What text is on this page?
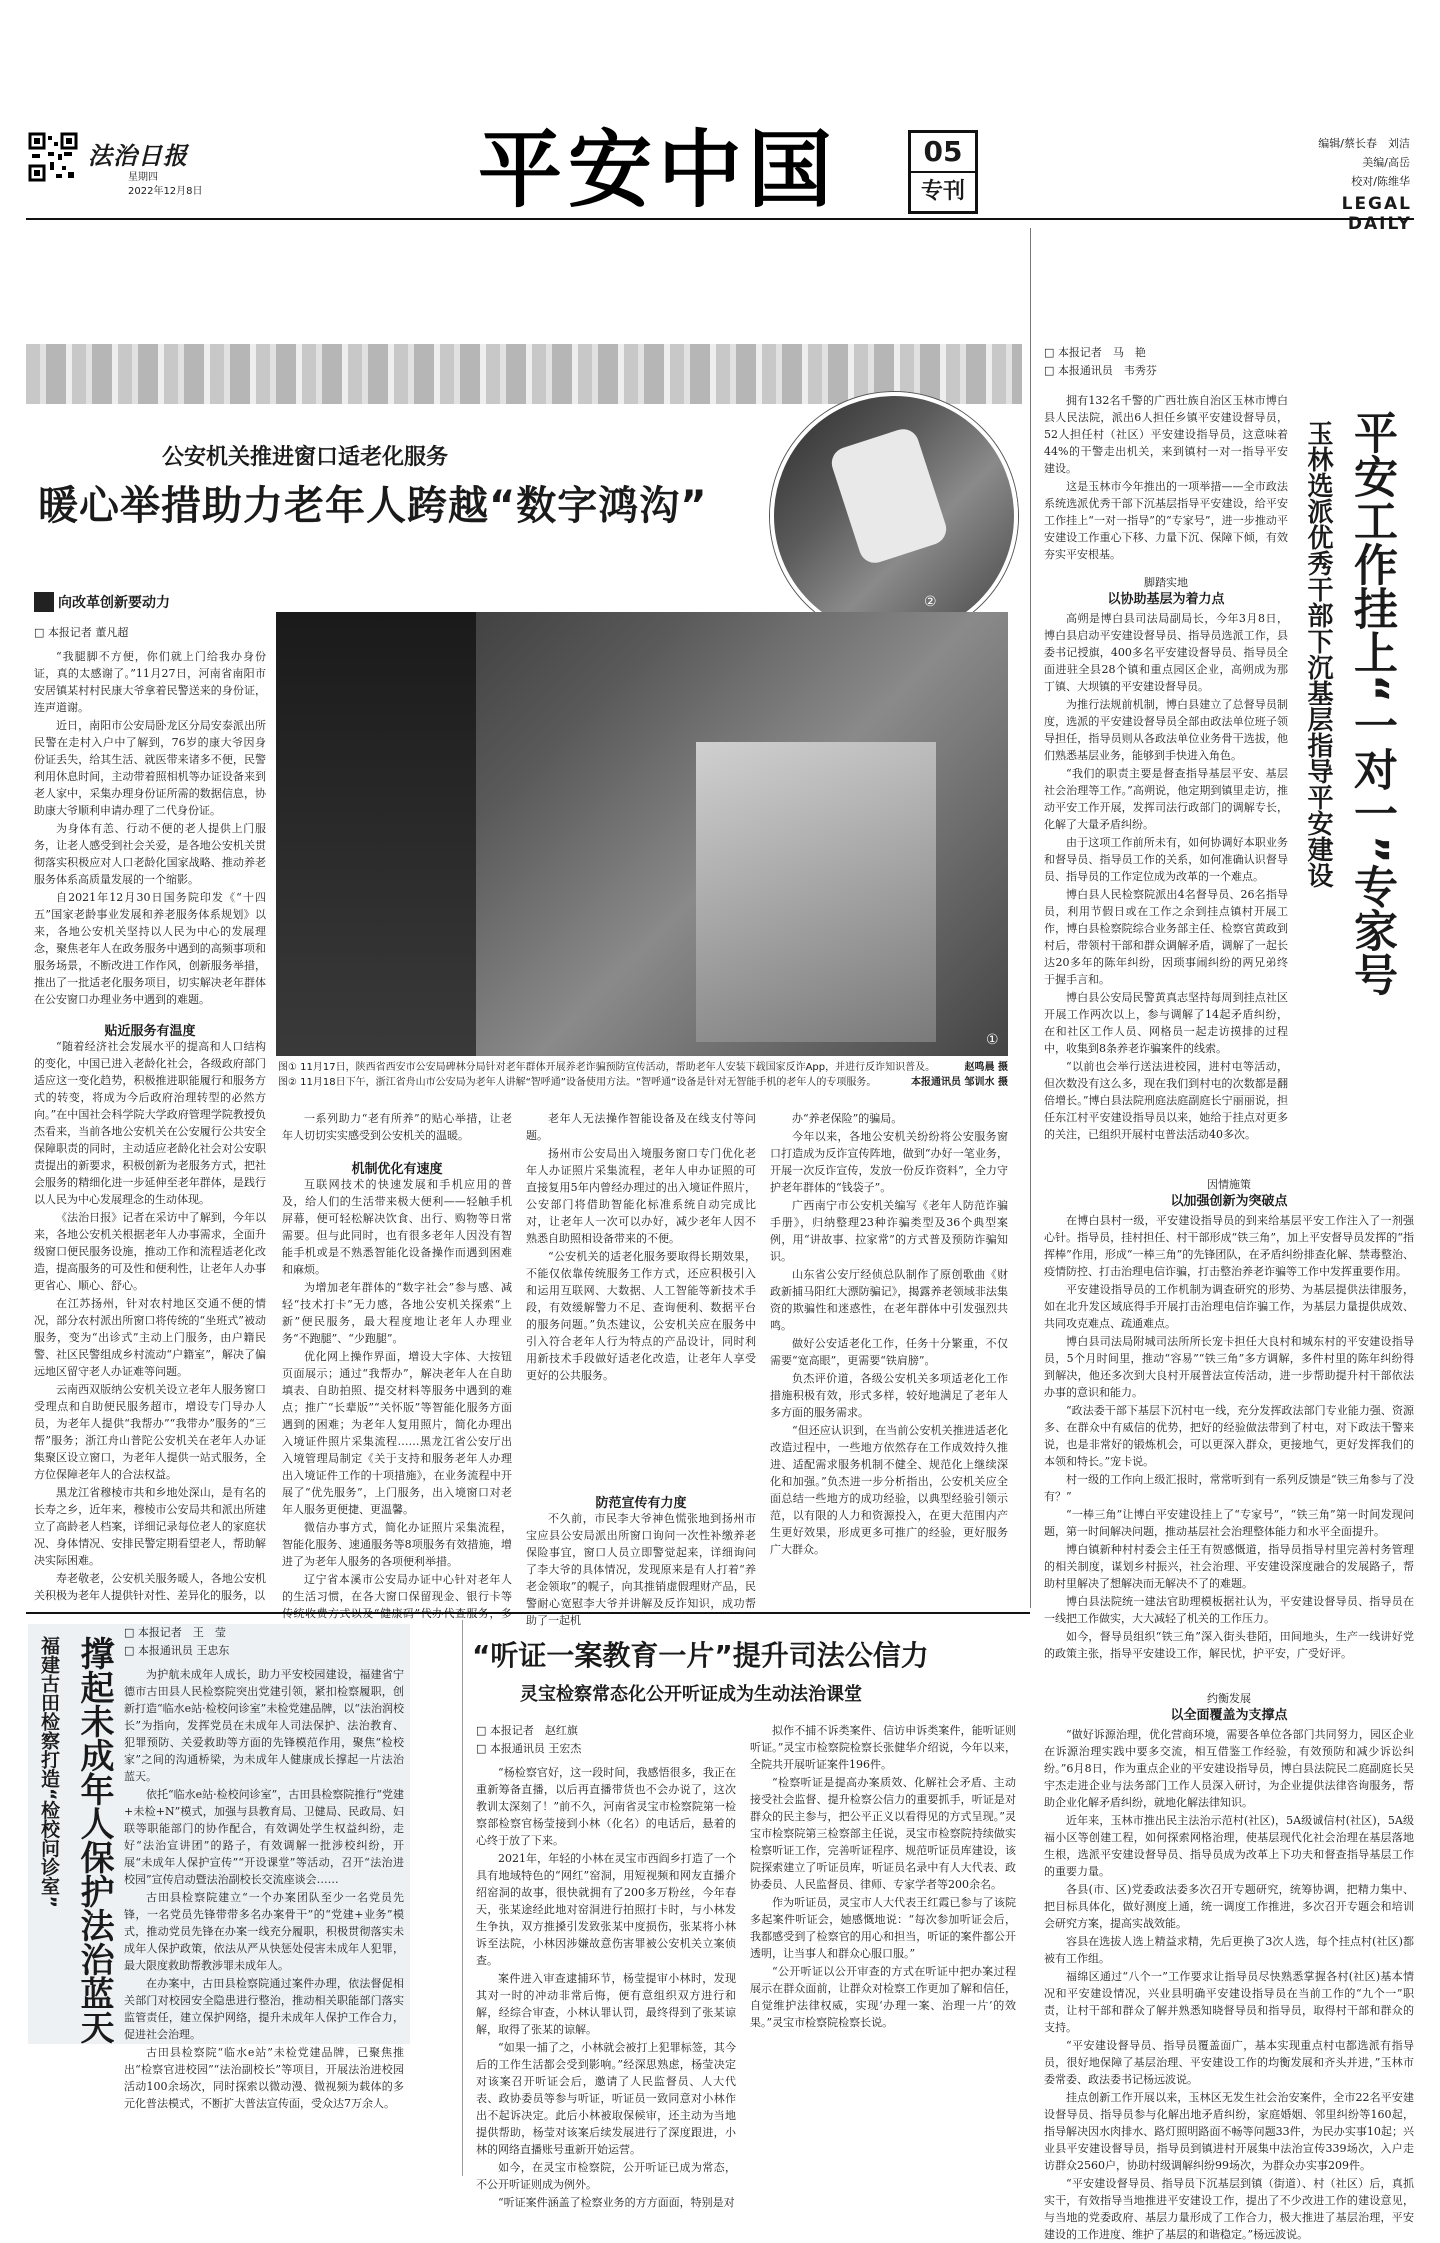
法治日报
星期四
2022年12月8日	平安中国	05
专刊
编辑/蔡长春　刘洁
美编/高岳
校对/陈维华
LEGAL DAILY
公安机关推进窗口适老化服务
暖心举措助力老年人跨越“数字鸿沟”
②
向改革创新要动力
□ 本报记者 董凡超
①
图① 11月17日，陕西省西安市公安局碑林分局针对老年群体开展养老诈骗预防宣传活动，帮助老年人安装下载国家反诈App，并进行反诈知识普及。	赵鸣晨 摄
图② 11月18日下午，浙江省舟山市公安局为老年人讲解“智呼通”设备使用方法。“智呼通”设备是针对无智能手机的老年人的专项服务。	本报通讯员 邹训水 摄

“我腿脚不方便，你们就上门给我办身份证，真的太感谢了。”11月27日，河南省南阳市安居镇某村村民康大爷拿着民警送来的身份证，连声道谢。

近日，南阳市公安局卧龙区分局安泰派出所民警在走村入户中了解到，76岁的康大爷因身份证丢失，给其生活、就医带来诸多不便，民警利用休息时间，主动带着照相机等办证设备来到老人家中，采集办理身份证所需的数据信息，协助康大爷顺利申请办理了二代身份证。

为身体有恙、行动不便的老人提供上门服务，让老人感受到社会关爱，是各地公安机关贯彻落实积极应对人口老龄化国家战略、推动养老服务体系高质量发展的一个缩影。

自2021年12月30日国务院印发《“十四五”国家老龄事业发展和养老服务体系规划》以来，各地公安机关坚持以人民为中心的发展理念，聚焦老年人在政务服务中遇到的高频事项和服务场景，不断改进工作作风，创新服务举措，推出了一批适老化服务项目，切实解决老年群体在公安窗口办理业务中遇到的难题。

贴近服务有温度

“随着经济社会发展水平的提高和人口结构的变化，中国已进入老龄化社会，各级政府部门适应这一变化趋势，积极推进职能履行和服务方式的转变，将成为今后政府治理转型的必然方向。”在中国社会科学院大学政府管理学院教授负杰看来，当前各地公安机关在公安履行公共安全保障职责的同时，主动适应老龄化社会对公安职责提出的新要求，积极创新为老服务方式，把社会服务的精细化进一步延伸至老年群体，是践行以人民为中心发展理念的生动体现。

《法治日报》记者在采访中了解到，今年以来，各地公安机关根据老年人办事需求，全面升级窗口便民服务设施，推动工作和流程适老化改造，提高服务的可及性和便利性，让老年人办事更省心、顺心、舒心。

在江苏扬州，针对农村地区交通不便的情况，部分农村派出所窗口将传统的“坐班式”被动服务，变为“出诊式”主动上门服务，由户籍民警、社区民警组成乡村流动“户籍室”，解决了偏远地区留守老人办证难等问题。

云南西双版纳公安机关设立老年人服务窗口受理点和自助便民服务超市，增设专门导办人员，为老年人提供“我帮办”“我带办”服务的“三帮”服务；浙江舟山普陀公安机关在老年人办证集聚区设立窗口，为老年人提供一站式服务，全方位保障老年人的合法权益。

黑龙江省穆棱市共和乡地处深山，是有名的长寿之乡，近年来，穆棱市公安局共和派出所建立了高龄老人档案，详细记录每位老人的家庭状况、身体情况、安排民警定期看望老人，帮助解决实际困难。

寿老敬老，公安机关服务暖人，各地公安机关积极为老年人提供针对性、差异化的服务，以

一系列助力“老有所养”的贴心举措，让老年人切切实实感受到公安机关的温暖。

机制优化有速度

互联网技术的快速发展和手机应用的普及，给人们的生活带来极大便利——轻触手机屏幕，便可轻松解决饮食、出行、购物等日常需要。但与此同时，也有很多老年人因没有智能手机或是不熟悉智能化设备操作而遇到困难和麻烦。

为增加老年群体的“数字社会”参与感、减轻“技术打卡”无力感，各地公安机关探索“上新”便民服务，最大程度地让老年人办理业务“不跑腿”、“少跑腿”。

优化网上操作界面，增设大字体、大按钮页面展示；通过“我帮办”，解决老年人在自助填表、自助拍照、提交材料等服务中遇到的难点；推广“长辈版”“关怀版”等智能化服务方面遇到的困难；为老年人复用照片，简化办理出入境证件照片采集流程……黑龙江省公安厅出入境管理局制定《关于支持和服务老年人办理出入境证件工作的十项措施》，在业务流程中开展了“优先服务”，上门服务，出入境窗口对老年人服务更便捷、更温馨。

微信办事方式，简化办证照片采集流程，智能化服务、速通服务等8项服务有效措施，增进了为老年人服务的各项便利举措。

辽宁省本溪市公安局办证中心针对老年人的生活习惯，在各大窗口保留现金、银行卡等传统收费方式以及“健康码”代办代查服务，多

老年人无法操作智能设备及在线支付等问题。

扬州市公安局出入境服务窗口专门优化老年人办证照片采集流程，老年人申办证照的可直接复用5年内曾经办理过的出入境证件照片，公安部门将借助智能化标准系统自动完成比对，让老年人一次可以办好，减少老年人因不熟悉自助照相设备带来的不便。

“公安机关的适老化服务要取得长期效果，不能仅依靠传统服务工作方式，还应积极引入和运用互联网、大数据、人工智能等新技术手段，有效缓解警力不足、查询便利、数据平台的服务问题。”负杰建议，公安机关应在服务中引入符合老年人行为特点的产品设计，同时利用新技术手段做好适老化改造，让老年人享受更好的公共服务。

防范宣传有力度

不久前，市民李大爷神色慌张地到扬州市宝应县公安局派出所窗口询问一次性补缴养老保险事宜，窗口人员立即警觉起来，详细询问了李大爷的具体情况，发现原来是有人打着“养老金领取”的幌子，向其推销虚假理财产品，民警耐心宽慰李大爷并讲解及反诈知识，成功帮助了一起机

办“养老保险”的骗局。

今年以来，各地公安机关纷纷将公安服务窗口打造成为反诈宣传阵地，做到“办好一笔业务，开展一次反诈宣传，发放一份反诈资料”，全力守护老年群体的“钱袋子”。

广西南宁市公安机关编写《老年人防范诈骗手册》，归纳整理23种诈骗类型及36个典型案例，用“讲故事、拉家常”的方式普及预防诈骗知识。

山东省公安厅经侦总队制作了原创歌曲《财政新捕马阳红大漂防骗记》，揭露养老领域非法集资的欺骗性和迷惑性，在老年群体中引发强烈共鸣。

做好公安适老化工作，任务十分繁重，不仅需要“宽高眼”，更需要“铁肩膀”。

负杰评价道，各级公安机关多项适老化工作措施积极有效，形式多样，较好地满足了老年人多方面的服务需求。

“但还应认识到，在当前公安机关推进适老化改造过程中，一些地方依然存在工作成效持久推进、适配需求服务机制不健全、规范化上继续深化和加强。”负杰进一步分析指出，公安机关应全面总结一些地方的成功经验，以典型经验引领示范，以有限的人力和资源投入，在更大范围内产生更好效果，形成更多可推广的经验，更好服务广大群众。

□ 本报记者　马　艳
□ 本报通讯员　韦秀芬
平安工作挂上“一对一”专家号
玉林选派优秀干部下沉基层指导平安建设

拥有132名千警的广西壮族自治区玉林市博白县人民法院，派出6人担任乡镇平安建设督导员，52人担任村（社区）平安建设指导员，这意味着44%的干警走出机关，来到镇村一对一指导平安建设。

这是玉林市今年推出的一项举措——全市政法系统选派优秀干部下沉基层指导平安建设，给平安工作挂上“一对一指导”的“专家号”，进一步推动平安建设工作重心下移、力量下沉、保障下倾，有效夯实平安根基。

脚踏实地
以协助基层为着力点

高朔是博白县司法局副局长，今年3月8日，博白县启动平安建设督导员、指导员选派工作，县委书记授旗，400多名平安建设督导员、指导员全面进驻全县28个镇和重点园区企业，高朔成为那丁镇、大坝镇的平安建设督导员。

为推行法规前机制，博白县建立了总督导员制度，选派的平安建设督导员全部由政法单位班子领导担任，指导员则从各政法单位业务骨干选拔，他们熟悉基层业务，能够到手快进入角色。

“我们的职责主要是督查指导基层平安、基层社会治理等工作。”高朔说，他定期到镇里走访，推动平安工作开展，发挥司法行政部门的调解专长，化解了大量矛盾纠纷。

由于这项工作前所未有，如何协调好本职业务和督导员、指导员工作的关系，如何准确认识督导员、指导员的工作定位成为改革的一个难点。

博白县人民检察院派出4名督导员、26名指导员，利用节假日或在工作之余到挂点镇村开展工作，博白县检察院综合业务部主任、检察官黄政到村后，带领村干部和群众调解矛盾，调解了一起长达20多年的陈年纠纷，因琐事闹纠纷的两兄弟终于握手言和。

博白县公安局民警黄真志坚持每周到挂点社区开展工作两次以上，参与调解了14起矛盾纠纷，在和社区工作人员、网格员一起走访摸排的过程中，收集到8条养老诈骗案件的线索。

“以前也会举行送法进校园，进村屯等活动，但次数没有这么多，现在我们到村屯的次数都是翻倍增长。”博白县法院刑庭法庭副庭长宁丽丽说，担任东江村平安建设指导员以来，她给于挂点对更多的关注，已组织开展村屯普法活动40多次。

因情施策
以加强创新为突破点

在博白县村一级，平安建设指导员的到来给基层平安工作注入了一剂强心针。指导员，挂村担任、村干部形成“铁三角”，加上平安督导员发挥的“指挥棒”作用，形成“一棒三角”的先锋团队，在矛盾纠纷排查化解、禁毒整治、疫情防控、打击治理电信诈骗，打击整治养老诈骗等工作中发挥重要作用。

平安建设指导员的工作机制为调查研究的形势、为基层提供法律服务，如在北升发区域底得手开展打击治理电信诈骗工作，为基层力量提供成效、共同攻克难点、疏通难点。

博白县司法局附城司法所所长宠卡担任大良村和城东村的平安建设指导员，5个月时间里，推动“容易”“铁三角”多方调解，多件村里的陈年纠纷得到解决，他还多次到大良村开展普法宣传活动，进一步帮助提升村干部依法办事的意识和能力。

“政法委干部下基层下沉村屯一线，充分发挥政法部门专业能力强、资源多、在群众中有威信的优势，把好的经验做法带到了村屯，对下政法干警来说，也是非常好的锻炼机会，可以更深入群众，更接地气，更好发挥我们的本领和特长。”宠卡说。

村一级的工作向上级汇报时，常常听到有一系列反馈是“铁三角参与了没有？”

“一棒三角”让博白平安建设挂上了“专家号”，“铁三角”第一时间发现问题，第一时间解决问题，推动基层社会治理整体能力和水平全面提升。

博白镇新种村村委会主任王有贺感慨道，指导员指导村里完善村务管理的相关制度，谋划乡村振兴，社会治理、平安建设深度融合的发展路子，帮助村里解决了想解决而无解决不了的难题。

博白县法院统一建法官助理模板据社认为，平安建设督导员、指导员在一线把工作做实，大大减轻了机关的工作压力。

如今，督导员组织“铁三角”深入街头巷陌，田间地头，生产一线讲好党的政策主张，指导平安建设工作，解民忧，护平安，广受好评。

约衡发展
以全面覆盖为支撑点

“做好诉源治理，优化营商环境，需要各单位各部门共同努力，园区企业在诉源治理实践中要多交流，相互借鉴工作经验，有效预防和减少诉讼纠纷。”6月8日，作为重点企业的平安建设指导员，博白县法院民二庭副庭长吴宇杰走进企业与法务部门工作人员深入研讨，为企业提供法律咨询服务，帮助企业化解矛盾纠纷，就地化解法律知识。

近年来，玉林市推出民主法治示范村(社区)，5A级诚信村(社区)，5A级福小区等创建工程，如何探索网格治理，使基层现代化社会治理在基层落地生根，选派平安建设督导员、指导员成为改革上下功夫和督查指导基层工作的重要力量。

各县(市、区)党委政法委多次召开专题研究，统筹协调，把精力集中、把目标具体化，做好测度上通，统一调度工作推进，多次召开专题会和培训会研究方案，提高实战效能。

容县在选拔人选上精益求精，先后更换了3次人选，每个挂点村(社区)都被有工作组。

福绵区通过“八个一”工作要求让指导员尽快熟悉掌握各村(社区)基本情况和平安建设情况，兴业县明确平安建设指导员在当前工作的“九个一”职责，让村干部和群众了解并熟悉知晓督导员和指导员，取得村干部和群众的支持。

“平安建设督导员、指导员覆盖面广，基本实现重点村屯都选派有指导员，很好地保障了基层治理、平安建设工作的均衡发展和齐头并进，”玉林市委常委、政法委书记杨远波说。

挂点创新工作开展以来，玉林区无发生社会治安案件，全市22名平安建设督导员、指导员参与化解出地矛盾纠纷，家庭婚姻、邻里纠纷等160起，指导解决因水肉排水、路灯照明路面不畅等问题33件，为民办实事10起；兴业县平安建设督导员，指导员到镇进村开展集中法治宣传339场次，入户走访群众2560户，协助村级调解纠纷99场次，为群众办实事209件。

“平安建设督导员、指导员下沉基层到镇（街道）、村（社区）后，真抓实干，有效指导当地推进平安建设工作，提出了不少改进工作的建设意见，与当地的党委政府、基层力量形成了工作合力，极大推进了基层治理，平安建设的工作进度、维护了基层的和谐稳定。”杨远波说。

撑起未成年人保护法治蓝天
福建古田检察打造“检校问诊室”
□ 本报记者　王　莹
□ 本报通讯员 王忠东

为护航未成年人成长，助力平安校园建设，福建省宁德市古田县人民检察院突出党建引领，紧扣检察履职，创新打造“临水e站·检校问诊室”未检党建品牌，以“法治润校长”为指向，发挥党员在未成年人司法保护、法治教育、犯罪预防、关爱救助等方面的先锋模范作用，聚焦“检校家”之间的沟通桥梁，为未成年人健康成长撑起一片法治蓝天。

依托“临水e站·检校问诊室”，古田县检察院推行“党建+未检+N”模式，加强与县教育局、卫健局、民政局、妇联等职能部门的协作配合，有效调处学生权益纠纷，走好“法治宣讲团”的路子，有效调解一批涉校纠纷，开展“未成年人保护宣传”“开设课堂”等活动，召开“法治进校园”宣传启动暨法治副校长交流座谈会……

古田县检察院建立“一个办案团队至少一名党员先锋，一名党员先锋带带多名办案骨干”的“党建+业务”模式，推动党员先锋在办案一线充分履职，积极贯彻落实未成年人保护政策，依法从严从快惩处侵害未成年人犯罪，最大限度救助帮教涉罪未成年人。

在办案中，古田县检察院通过案件办理，依法督促相关部门对校园安全隐患进行整治，推动相关职能部门落实监管责任，建立保护网络，提升未成年人保护工作合力，促进社会治理。

古田县检察院“临水e站”未检党建品牌，已聚焦推出“检察官进校园”“法治副校长”等项目，开展法治进校园活动100余场次，同时探索以微动漫、微视频为载体的多元化普法模式，不断扩大普法宣传面，受众达7万余人。

“听证一案教育一片”提升司法公信力
灵宝检察常态化公开听证成为生动法治课堂
□ 本报记者　赵红旗
□ 本报通讯员 王宏杰

“杨检察官好，这一段时间，我感悟很多，我正在重新筹备直播，以后再直播带货也不会办说了，这次教训太深刻了！”前不久，河南省灵宝市检察院第一检察部检察官杨莹接到小林（化名）的电话后，悬着的心终于放了下来。

2021年，年轻的小林在灵宝市西阎乡打造了一个具有地域特色的“网红”窑洞，用短视频和网友直播介绍窑洞的故事，很快就拥有了200多万粉丝，今年春天，张某途经此地对窑洞进行拍照打卡时，与小林发生争执，双方推搡引发致张某中度损伤，张某将小林诉至法院，小林因涉嫌故意伤害罪被公安机关立案侦查。

案件进入审查逮捕环节，杨莹提审小林时，发现其对一时的冲动非常后悔，便有意组织双方进行和解，经综合审查，小林认罪认罚，最终得到了张某谅解，取得了张某的谅解。

“如果一捕了之，小林就会被打上犯罪标签，其今后的工作生活都会受到影响。”经深思熟虑，杨莹决定对该案召开听证会后，邀请了人民监督员、人大代表、政协委员等参与听证，听证员一致同意对小林作出不起诉决定。此后小林被取保候审，还主动为当地提供帮助，杨莹对该案后续发展进行了深度跟进，小林的网络直播账号重新开始运营。

如今，在灵宝市检察院，公开听证已成为常态，不公开听证则成为例外。

“听证案件涵盖了检察业务的方方面面，特别是对

拟作不捕不诉类案件、信访申诉类案件，能听证则听证。”灵宝市检察院检察长张健华介绍说，今年以来，全院共开展听证案件196件。

“检察听证是提高办案质效、化解社会矛盾、主动接受社会监督、提升检察公信力的重要抓手，听证是对群众的民主参与，把公平正义以看得见的方式呈现。”灵宝市检察院第三检察部主任说，灵宝市检察院持续做实检察听证工作，完善听证程序、规范听证员库建设，该院探索建立了听证员库，听证员名录中有人大代表、政协委员、人民监督员、律师、专家学者等200余名。

作为听证员，灵宝市人大代表王红霞已参与了该院多起案件听证会，她感慨地说：“每次参加听证会后，我都感受到了检察官的用心和担当，听证的案件都公开透明，让当事人和群众心服口服。”

“公开听证以公开审查的方式在听证中把办案过程展示在群众面前，让群众对检察工作更加了解和信任，自觉维护法律权威，实现‘办理一案、治理一片’的效果。”灵宝市检察院检察长说。
